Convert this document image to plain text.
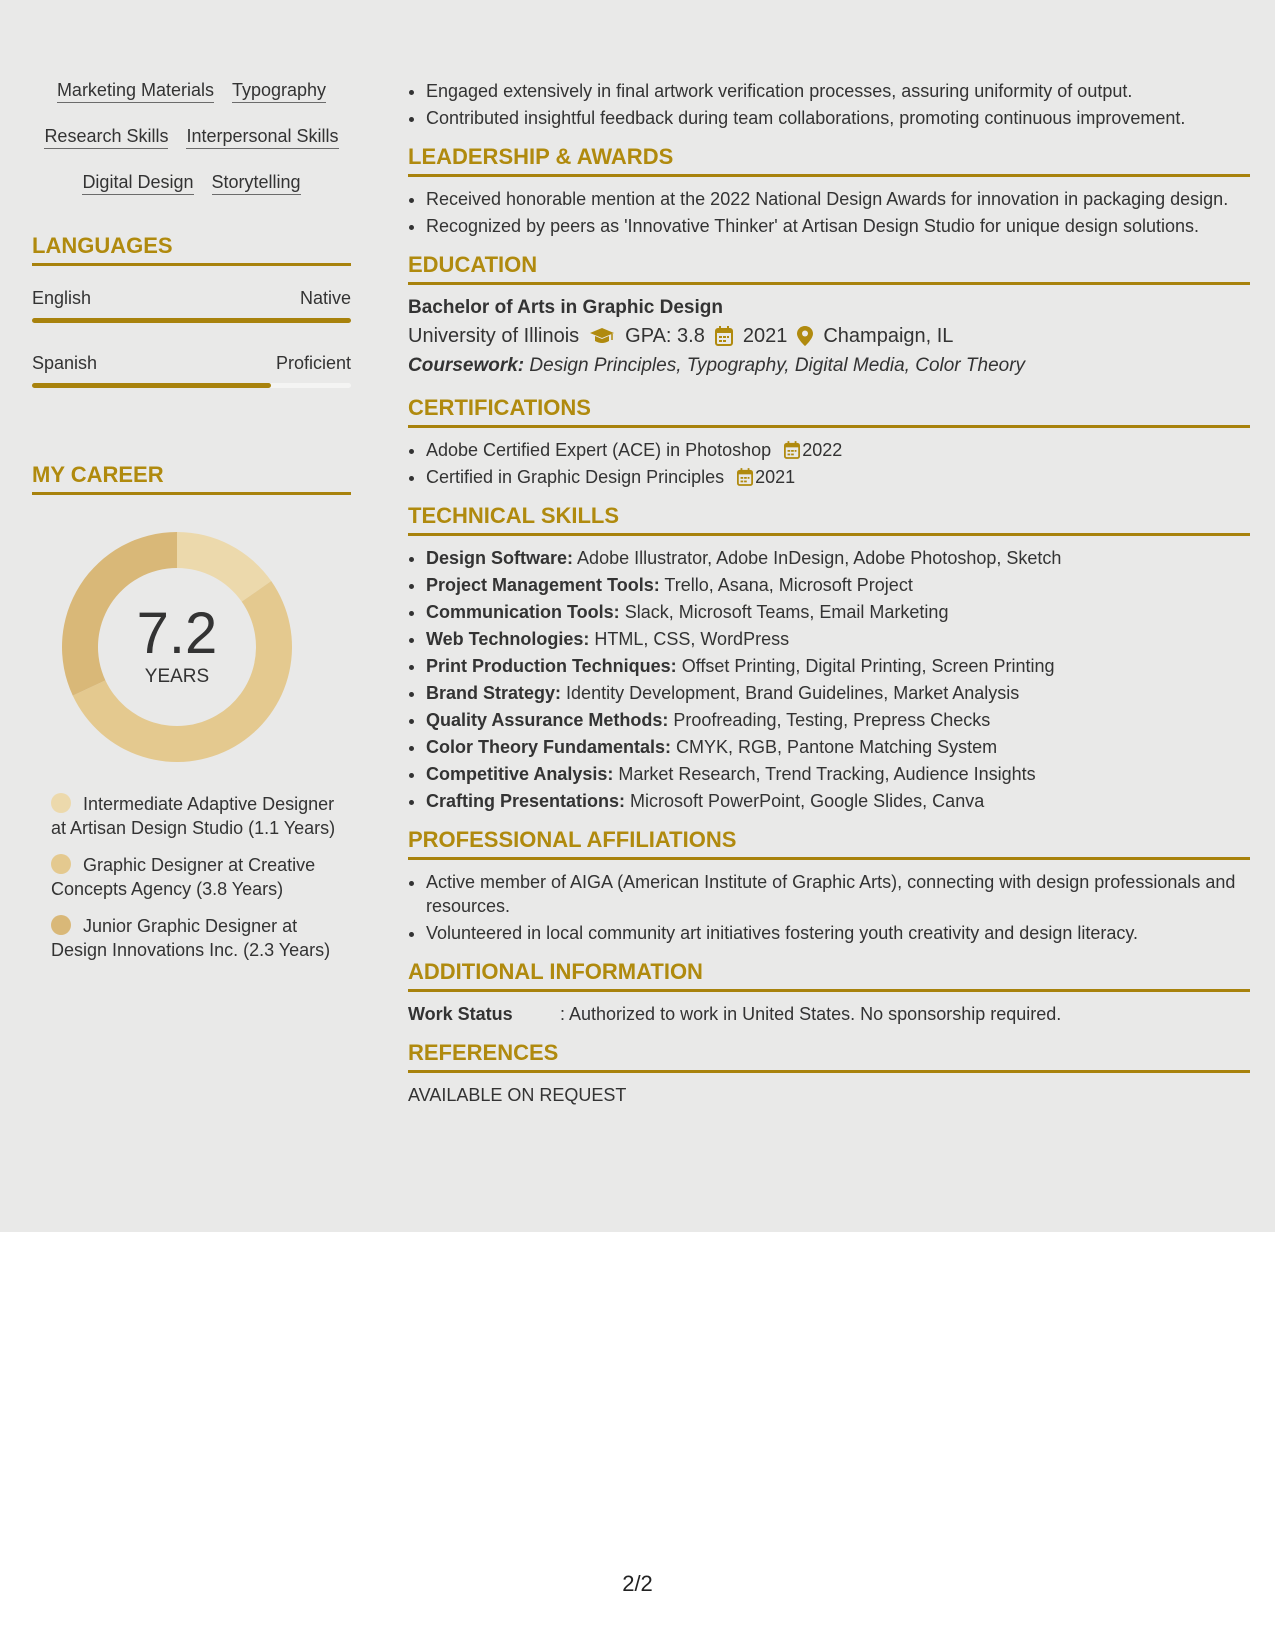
Marketing Materials Typography
Research Skills Interpersonal Skills
Digital Design Storytelling
LANGUAGES
English	Native
Spanish	Proficient
MY CAREER
7.2
YEARS
Intermediate Adaptive Designer at Artisan Design Studio (1.1 Years)
Graphic Designer at Creative Concepts Agency (3.8 Years)
Junior Graphic Designer at Design Innovations Inc. (2.3 Years)
• Engaged extensively in final artwork verification processes, assuring uniformity of output.
• Contributed insightful feedback during team collaborations, promoting continuous improvement.
LEADERSHIP & AWARDS
• Received honorable mention at the 2022 National Design Awards for innovation in packaging design.
• Recognized by peers as 'Innovative Thinker' at Artisan Design Studio for unique design solutions.
EDUCATION
Bachelor of Arts in Graphic Design
University of Illinois GPA: 3.8 2021 Champaign, IL
Coursework: Design Principles, Typography, Digital Media, Color Theory
CERTIFICATIONS
• Adobe Certified Expert (ACE) in Photoshop 2022
• Certified in Graphic Design Principles 2021
TECHNICAL SKILLS
• Design Software: Adobe Illustrator, Adobe InDesign, Adobe Photoshop, Sketch
• Project Management Tools: Trello, Asana, Microsoft Project
• Communication Tools: Slack, Microsoft Teams, Email Marketing
• Web Technologies: HTML, CSS, WordPress
• Print Production Techniques: Offset Printing, Digital Printing, Screen Printing
• Brand Strategy: Identity Development, Brand Guidelines, Market Analysis
• Quality Assurance Methods: Proofreading, Testing, Prepress Checks
• Color Theory Fundamentals: CMYK, RGB, Pantone Matching System
• Competitive Analysis: Market Research, Trend Tracking, Audience Insights
• Crafting Presentations: Microsoft PowerPoint, Google Slides, Canva
PROFESSIONAL AFFILIATIONS
• Active member of AIGA (American Institute of Graphic Arts), connecting with design professionals and resources.
• Volunteered in local community art initiatives fostering youth creativity and design literacy.
ADDITIONAL INFORMATION
Work Status	: Authorized to work in United States. No sponsorship required.
REFERENCES
AVAILABLE ON REQUEST
2/2
